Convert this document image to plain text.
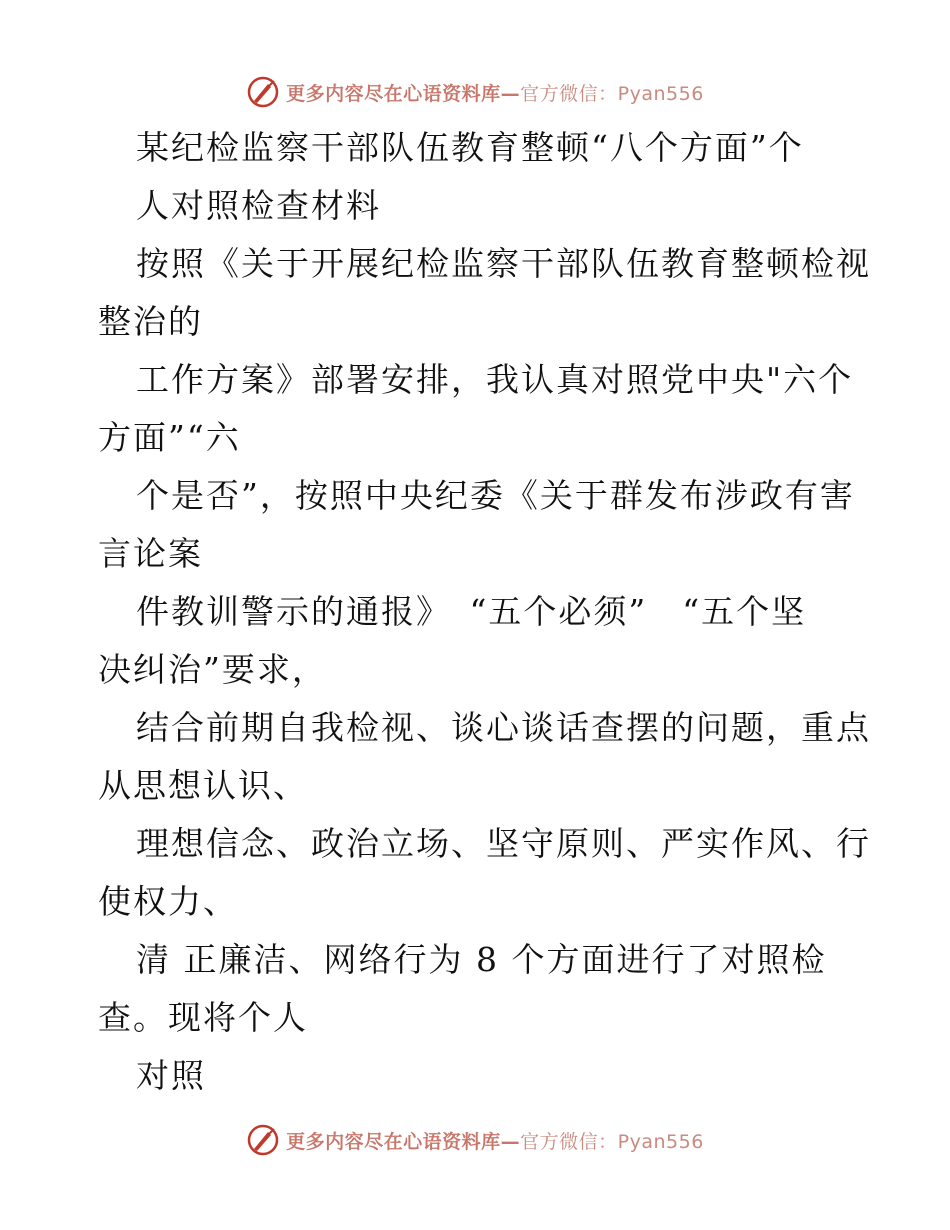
更多内容尽在心语资料库—官方微信：Pyan556
某纪检监察干部队伍教育整顿“八个方面”个
人对照检查材料
按照《关于开展纪检监察干部队伍教育整顿检视
整治的
工作方案》部署安排，我认真对照党中央"六个
方面”“六
个是否”，按照中央纪委《关于群发布涉政有害
言论案
件教训警示的通报》　“五个必须”　“五个坚
决纠治”要求，
结合前期自我检视、谈心谈话查摆的问题，重点
从思想认识、
理想信念、政治立场、坚守原则、严实作风、行
使权力、
清 正廉洁、网络行为 8 个方面进行了对照检
查。现将个人
对照
更多内容尽在心语资料库—官方微信：Pyan556
